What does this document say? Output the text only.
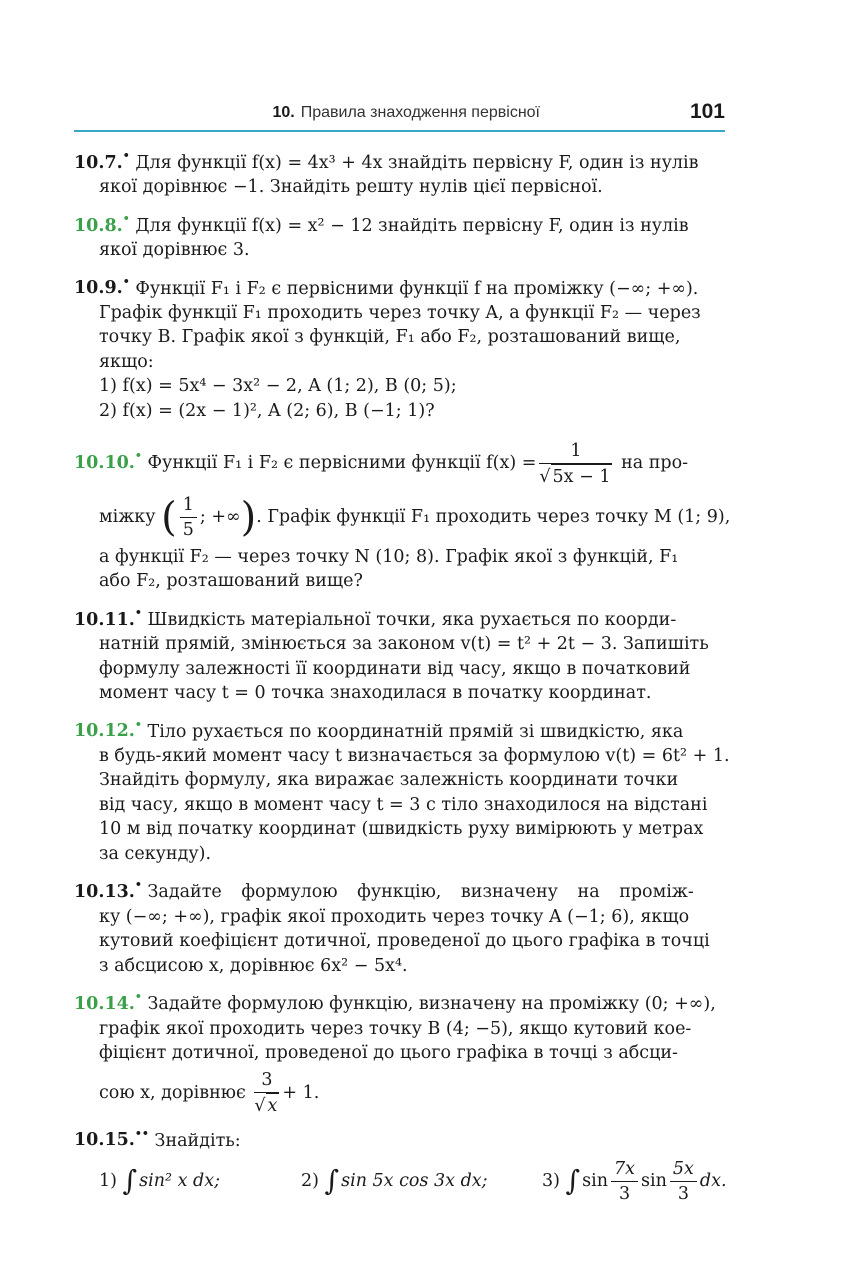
10. Правила знаходження первісної	101
10.7.• Для функції f(x) = 4x³ + 4x знайдіть первісну F, один із нулів
якої дорівнює −1. Знайдіть решту нулів цієї первісної.
10.8.• Для функції f(x) = x² − 12 знайдіть первісну F, один із нулів
якої дорівнює 3.
10.9.• Функції F₁ і F₂ є первісними функції f на проміжку (−∞; +∞).
Графік функції F₁ проходить через точку A, а функції F₂ — через
точку B. Графік якої з функцій, F₁ або F₂, розташований вище,
якщо:
1) f(x) = 5x⁴ − 3x² − 2, A (1; 2), B (0; 5);
2) f(x) = (2x − 1)², A (2; 6), B (−1; 1)?
10.10.• Функції F₁ і F₂ є первісними функції $f(x) = \frac{1}{√ 5x - 1}$ на про-
міжку ( $\frac{1}{5}$ ; +∞). Графік функції F₁ проходить через точку M (1; 9),
а функції F₂ — через точку N (10; 8). Графік якої з функцій, F₁
або F₂, розташований вище?
10.11.• Швидкість матеріальної точки, яка рухається по коорди-
натній прямій, змінюється за законом v(t) = t² + 2t − 3. Запишіть
формулу залежності її координати від часу, якщо в початковий
момент часу t = 0 точка знаходилася в початку координат.
10.12.• Тіло рухається по координатній прямій зі швидкістю, яка
в будь-який момент часу t визначається за формулою v(t) = 6t² + 1.
Знайдіть формулу, яка виражає залежність координати точки
від часу, якщо в момент часу t = 3 с тіло знаходилося на відстані
10 м від початку координат (швидкість руху вимірюють у метрах
за секунду).
10.13.• Задайте формулою функцію, визначену на проміж-
ку (−∞; +∞), графік якої проходить через точку A (−1; 6), якщо
кутовий коефіцієнт дотичної, проведеної до цього графіка в точці
з абсцисою x, дорівнює 6x² − 5x⁴.
10.14.• Задайте формулою функцію, визначену на проміжку (0; +∞),
графік якої проходить через точку B (4; −5), якщо кутовий кое-
фіцієнт дотичної, проведеної до цього графіка в точці з абсци-
сою x, дорівнює $\frac{3}{√ x} + 1$.
10.15.•• Знайдіть:
1) ∫ sin² x dx;	2) ∫ sin 5x cos 3x dx;	3) ∫ $\sin \frac{7x}{3}$ $\sin \frac{5x}{3}$ dx.
